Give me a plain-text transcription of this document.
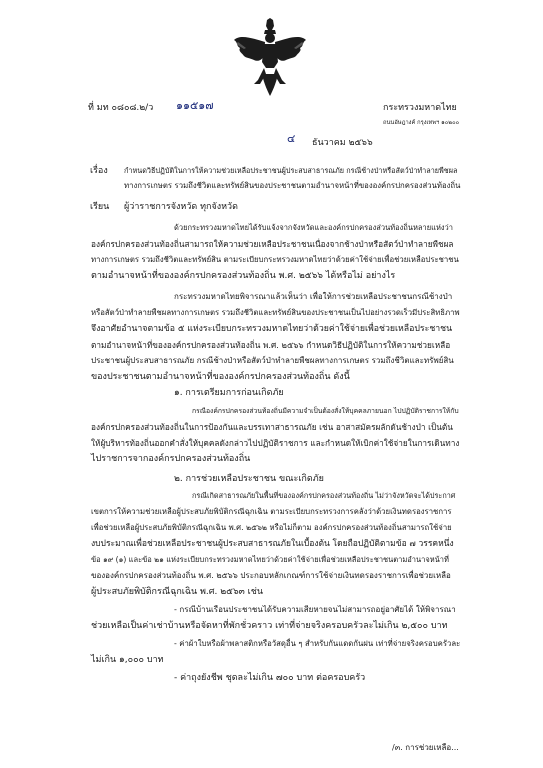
ที่ มท ๐๘๐๘.๒/ว ๑๑๕๑๗	กระทรวงมหาดไทย
ถนนอัษฎางค์ กรุงเทพฯ ๑๐๒๐๐
๔ ธันวาคม ๒๕๖๖
เรื่อง กำหนดวิธีปฏิบัติในการให้ความช่วยเหลือประชาชนผู้ประสบสาธารณภัย กรณีช้างป่าหรือสัตว์ป่าทำลายพืชผล
ทางการเกษตร รวมถึงชีวิตและทรัพย์สินของประชาชนตามอำนาจหน้าที่ขององค์กรปกครองส่วนท้องถิ่น
เรียน ผู้ว่าราชการจังหวัด ทุกจังหวัด
ด้วยกระทรวงมหาดไทยได้รับแจ้งจากจังหวัดและองค์กรปกครองส่วนท้องถิ่นหลายแห่งว่า
องค์กรปกครองส่วนท้องถิ่นสามารถให้ความช่วยเหลือประชาชนเนื่องจากช้างป่าหรือสัตว์ป่าทำลายพืชผล
ทางการเกษตร รวมถึงชีวิตและทรัพย์สิน ตามระเบียบกระทรวงมหาดไทยว่าด้วยค่าใช้จ่ายเพื่อช่วยเหลือประชาชน
ตามอำนาจหน้าที่ขององค์กรปกครองส่วนท้องถิ่น พ.ศ. ๒๕๖๖ ได้หรือไม่ อย่างไร
กระทรวงมหาดไทยพิจารณาแล้วเห็นว่า เพื่อให้การช่วยเหลือประชาชนกรณีช้างป่า
หรือสัตว์ป่าทำลายพืชผลทางการเกษตร รวมถึงชีวิตและทรัพย์สินของประชาชนเป็นไปอย่างรวดเร็วมีประสิทธิภาพ
จึงอาศัยอำนาจตามข้อ ๕ แห่งระเบียบกระทรวงมหาดไทยว่าด้วยค่าใช้จ่ายเพื่อช่วยเหลือประชาชน
ตามอำนาจหน้าที่ขององค์กรปกครองส่วนท้องถิ่น พ.ศ. ๒๕๖๖ กำหนดวิธีปฏิบัติในการให้ความช่วยเหลือ
ประชาชนผู้ประสบสาธารณภัย กรณีช้างป่าหรือสัตว์ป่าทำลายพืชผลทางการเกษตร รวมถึงชีวิตและทรัพย์สิน
ของประชาชนตามอำนาจหน้าที่ขององค์กรปกครองส่วนท้องถิ่น ดังนี้
๑. การเตรียมการก่อนเกิดภัย
กรณีองค์กรปกครองส่วนท้องถิ่นมีความจำเป็นต้องสั่งให้บุคคลภายนอก ไปปฏิบัติราชการให้กับ
องค์กรปกครองส่วนท้องถิ่นในการป้องกันและบรรเทาสาธารณภัย เช่น อาสาสมัครผลักดันช้างป่า เป็นต้น
ให้ผู้บริหารท้องถิ่นออกคำสั่งให้บุคคลดังกล่าวไปปฏิบัติราชการ และกำหนดให้เบิกค่าใช้จ่ายในการเดินทาง
ไปราชการจากองค์กรปกครองส่วนท้องถิ่น
๒. การช่วยเหลือประชาชน ขณะเกิดภัย
กรณีเกิดสาธารณภัยในพื้นที่ขององค์กรปกครองส่วนท้องถิ่น ไม่ว่าจังหวัดจะได้ประกาศ
เขตการให้ความช่วยเหลือผู้ประสบภัยพิบัติกรณีฉุกเฉิน ตามระเบียบกระทรวงการคลังว่าด้วยเงินทดรองราชการ
เพื่อช่วยเหลือผู้ประสบภัยพิบัติกรณีฉุกเฉิน พ.ศ. ๒๕๖๒ หรือไม่ก็ตาม องค์กรปกครองส่วนท้องถิ่นสามารถใช้จ่าย
งบประมาณเพื่อช่วยเหลือประชาชนผู้ประสบสาธารณภัยในเบื้องต้น โดยถือปฏิบัติตามข้อ ๗ วรรคหนึ่ง
ข้อ ๑๙ (๑) และข้อ ๒๑ แห่งระเบียบกระทรวงมหาดไทยว่าด้วยค่าใช้จ่ายเพื่อช่วยเหลือประชาชนตามอำนาจหน้าที่
ขององค์กรปกครองส่วนท้องถิ่น พ.ศ. ๒๕๖๖ ประกอบหลักเกณฑ์การใช้จ่ายเงินทดรองราชการเพื่อช่วยเหลือ
ผู้ประสบภัยพิบัติกรณีฉุกเฉิน พ.ศ. ๒๕๖๓ เช่น
- กรณีบ้านเรือนประชาชนได้รับความเสียหายจนไม่สามารถอยู่อาศัยได้ ให้พิจารณา
ช่วยเหลือเป็นค่าเช่าบ้านหรือจัดหาที่พักชั่วคราว เท่าที่จ่ายจริงครอบครัวละไม่เกิน ๒,๕๐๐ บาท
- ค่าผ้าใบหรือผ้าพลาสติกหรือวัสดุอื่น ๆ สำหรับกันแดดกันฝน เท่าที่จ่ายจริงครอบครัวละ
ไม่เกิน ๑,๐๐๐ บาท
- ค่าถุงยังชีพ ชุดละไม่เกิน ๗๐๐ บาท ต่อครอบครัว
/๓. การช่วยเหลือ...
